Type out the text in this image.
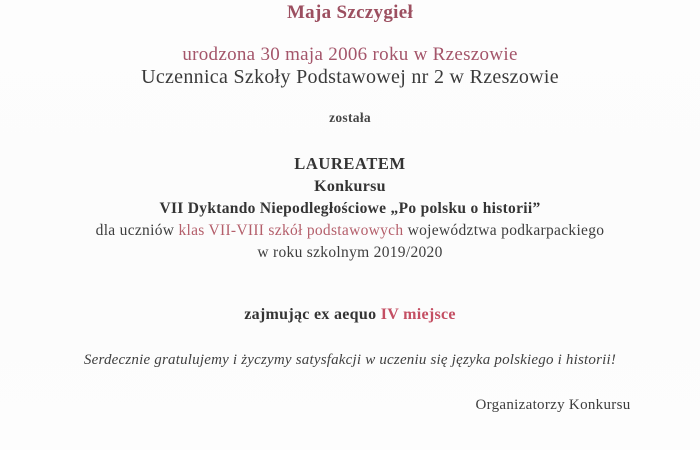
Maja Szczygieł
urodzona 30 maja 2006 roku w Rzeszowie
Uczennica Szkoły Podstawowej nr 2 w Rzeszowie
została
LAUREATEM
Konkursu
VII Dyktando Niepodległościowe „Po polsku o historii”
dla uczniów klas VII-VIII szkół podstawowych województwa podkarpackiego
w roku szkolnym 2019/2020
zajmując ex aequo IV miejsce
Serdecznie gratulujemy i życzymy satysfakcji w uczeniu się języka polskiego i historii!
Organizatorzy Konkursu
